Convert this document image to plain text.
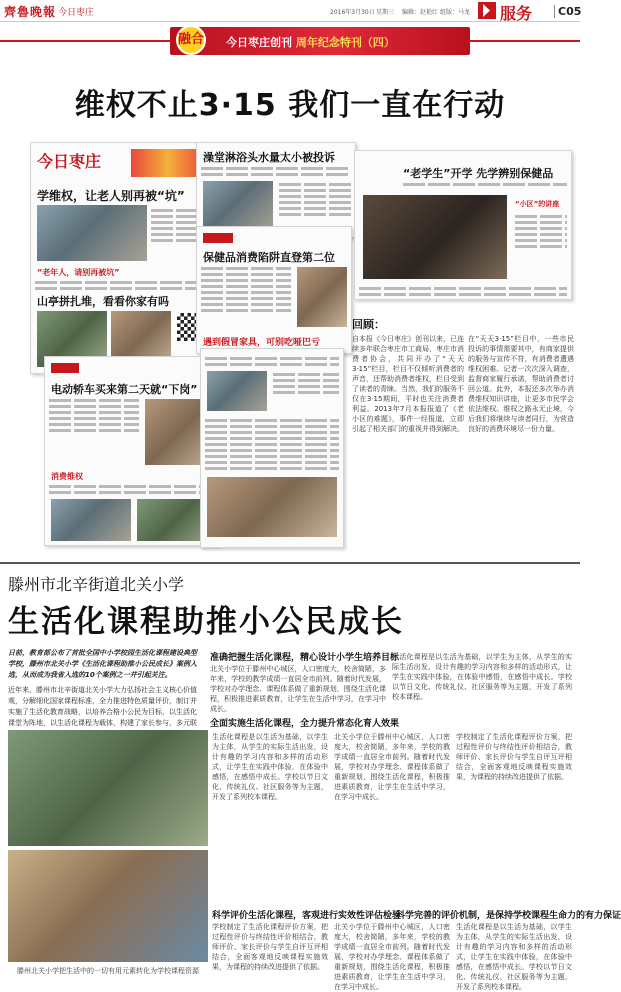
齊魯晚報 今日枣庄	2016年3月30日 星期三 编辑：赵艳红 组版：马龙 服务	C05
融合 今日枣庄创刊 周年纪念特刊（四）
维权不止3·15 我们一直在行动
今日枣庄
学维权，让老人别再被“坑”
“老年人，请别再被坑”
山亭拼扎堆，看看你家有吗
澡堂淋浴头水量太小被投诉
保健品消费陷阱直登第二位
遇到假冒家具，可别吃哑巴亏
“老学生”开学 先学辨别保健品
“小区”的讲座
电动轿车买来第二天就“下岗”
消费维权
回顾：
自本报《今日枣庄》创刊以来，已连续多年联合枣庄市工商局、枣庄市消费者协会，共同开办了“天天3·15”栏目，栏目不仅倾听消费者的声音，还帮助消费者维权，栏目受到了读者的青睐。当然，我们的服务不仅在3·15期间，平时也关注消费者利益。2013年7月本报报道了《老小区的难题》，事件一经报道，立即引起了相关部门的重视并得到解决。
在“天天3·15”栏目中，一些市民投诉的事情需要其中，有商家提供的服务与宣传不符，有消费者遭遇维权困难。记者一次次深入调查，监督商家履行承诺，帮助消费者讨回公道。此外，本报还多次举办消费维权知识讲座，让更多市民学会依法维权。维权之路永无止境，今后我们将继续与读者同行，为营造良好的消费环境尽一份力量。
滕州市北辛街道北关小学
生活化课程助推小公民成长

日前，教育部公布了首批全国中小学校园生活化课程建设典型学校，滕州市北关小学《生活化课程助推小公民成长》案例入选，从而成为我省入选的10个案例之一并引起关注。

近年来，滕州市北辛街道北关小学大力弘扬社会主义核心价值观，分解细化国家课程标准，全力推进特色质量评价，制订并实施了生活化教育战略，以培养合格小公民为目标，以生活化课堂为阵地，以生活化课程为载体，构建了家长参与，多元联

准确把握生活化课程，精心设计小学生培养目标
北关小学位于滕州中心城区，人口密度大，校舍简陋，多年来，学校的教学成绩一直居全市前列。随着时代发展，学校对办学理念、课程体系做了重新规划，围绕生活化课程，积极推进素质教育，让学生在生活中学习，在学习中成长。
生活化课程是以生活为基础，以学生为主体，从学生的实际生活出发，设计有趣的学习内容和多样的活动形式，让学生在实践中体验，在体验中感悟，在感悟中成长。学校以节日文化、传统礼仪、社区服务等为主题，开发了系列校本课程。
全面实施生活化课程，全力提升常态化育人效果
生活化课程是以生活为基础，以学生为主体，从学生的实际生活出发，设计有趣的学习内容和多样的活动形式，让学生在实践中体验，在体验中感悟，在感悟中成长。学校以节日文化、传统礼仪、社区服务等为主题，开发了系列校本课程。
北关小学位于滕州中心城区，人口密度大，校舍简陋，多年来，学校的教学成绩一直居全市前列。随着时代发展，学校对办学理念、课程体系做了重新规划，围绕生活化课程，积极推进素质教育，让学生在生活中学习，在学习中成长。
学校制定了生活化课程评价方案，把过程性评价与终结性评价相结合，教师评价、家长评价与学生自评互评相结合，全面客观地反映课程实施效果，为课程的持续改进提供了依据。
科学评价生活化课程，客观进行实效性评估检验
科学完善的评价机制，是保持学校课程生命力的有力保证
学校制定了生活化课程评价方案，把过程性评价与终结性评价相结合，教师评价、家长评价与学生自评互评相结合，全面客观地反映课程实施效果，为课程的持续改进提供了依据。
北关小学位于滕州中心城区，人口密度大，校舍简陋，多年来，学校的教学成绩一直居全市前列。随着时代发展，学校对办学理念、课程体系做了重新规划，围绕生活化课程，积极推进素质教育，让学生在生活中学习，在学习中成长。
生活化课程是以生活为基础，以学生为主体，从学生的实际生活出发，设计有趣的学习内容和多样的活动形式，让学生在实践中体验，在体验中感悟，在感悟中成长。学校以节日文化、传统礼仪、社区服务等为主题，开发了系列校本课程。
滕州北关小学把生活中的一切有用元素转化为学校课程资源
